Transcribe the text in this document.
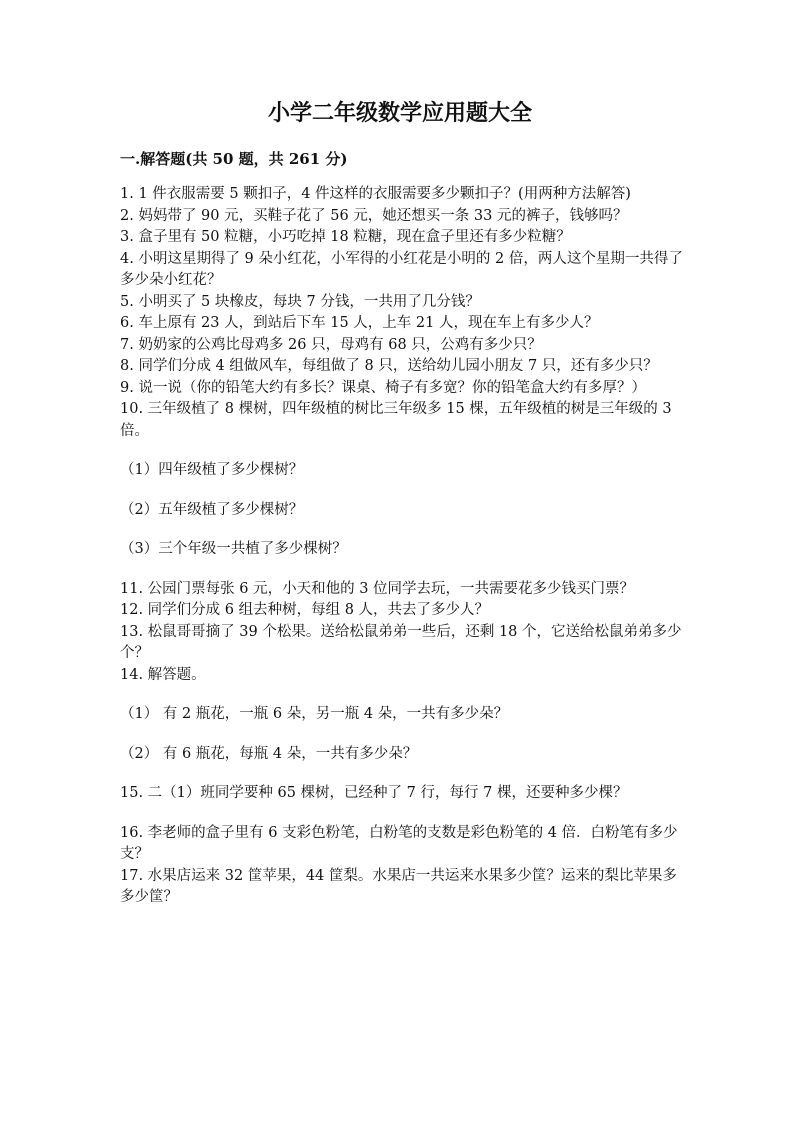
小学二年级数学应用题大全
一.解答题(共 50 题，共 261 分)

1. 1 件衣服需要 5 颗扣子，4 件这样的衣服需要多少颗扣子？(用两种方法解答)

2. 妈妈带了 90 元，买鞋子花了 56 元，她还想买一条 33 元的裤子，钱够吗？

3. 盒子里有 50 粒糖，小巧吃掉 18 粒糖，现在盒子里还有多少粒糖？

4. 小明这星期得了 9 朵小红花，小军得的小红花是小明的 2 倍，两人这个星期一共得了多少朵小红花？

5. 小明买了 5 块橡皮，每块 7 分钱，一共用了几分钱？

6. 车上原有 23 人，到站后下车 15 人，上车 21 人，现在车上有多少人？

7. 奶奶家的公鸡比母鸡多 26 只，母鸡有 68 只，公鸡有多少只？

8. 同学们分成 4 组做风车，每组做了 8 只，送给幼儿园小朋友 7 只，还有多少只？

9. 说一说（你的铅笔大约有多长？课桌、椅子有多宽？你的铅笔盒大约有多厚？）

10. 三年级植了 8 棵树，四年级植的树比三年级多 15 棵，五年级植的树是三年级的 3 倍。

（1）四年级植了多少棵树？

（2）五年级植了多少棵树？

（3）三个年级一共植了多少棵树？

11. 公园门票每张 6 元，小天和他的 3 位同学去玩，一共需要花多少钱买门票？

12. 同学们分成 6 组去种树，每组 8 人，共去了多少人？

13. 松鼠哥哥摘了 39 个松果。送给松鼠弟弟一些后，还剩 18 个，它送给松鼠弟弟多少个？

14. 解答题。

（1） 有 2 瓶花，一瓶 6 朵，另一瓶 4 朵，一共有多少朵？

（2） 有 6 瓶花，每瓶 4 朵，一共有多少朵？

15. 二（1）班同学要种 65 棵树，已经种了 7 行，每行 7 棵，还要种多少棵？

16. 李老师的盒子里有 6 支彩色粉笔，白粉笔的支数是彩色粉笔的 4 倍．白粉笔有多少支？

17. 水果店运来 32 筐苹果，44 筐梨。水果店一共运来水果多少筐？运来的梨比苹果多多少筐？
